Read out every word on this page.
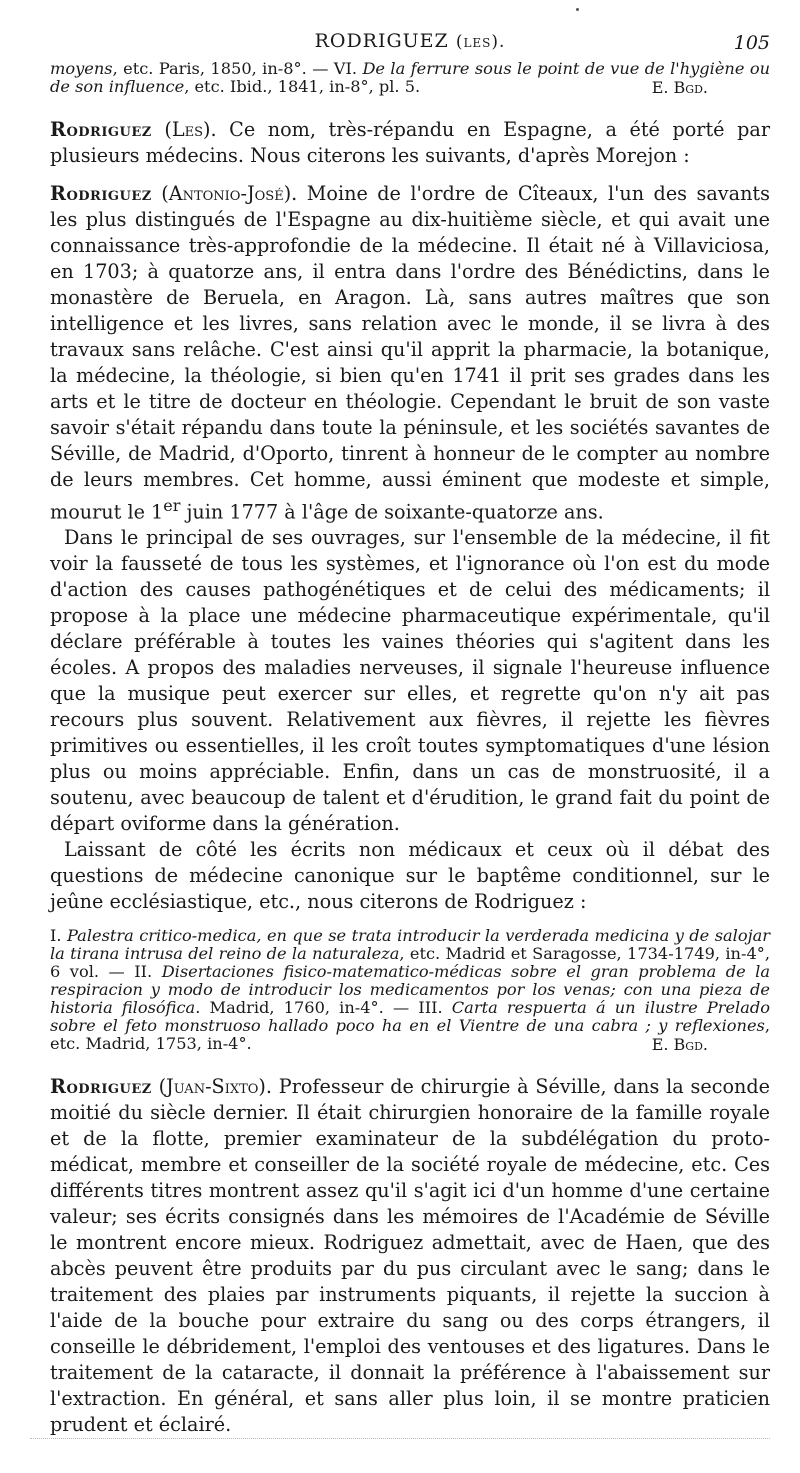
RODRIGUEZ (les).	105
moyens, etc. Paris, 1850, in-8°. — VI. De la ferrure sous le point de vue de l'hygiène ou de son influence, etc. Ibid., 1841, in-8°, pl. 5.	E. Bgd.

Rodriguez (Les). Ce nom, très-répandu en Espagne, a été porté par plusieurs médecins. Nous citerons les suivants, d'après Morejon :

Rodriguez (Antonio-José). Moine de l'ordre de Cîteaux, l'un des savants les plus distingués de l'Espagne au dix-huitième siècle, et qui avait une connaissance très-approfondie de la médecine. Il était né à Villaviciosa, en 1703; à quatorze ans, il entra dans l'ordre des Bénédictins, dans le monastère de Beruela, en Aragon. Là, sans autres maîtres que son intelligence et les livres, sans relation avec le monde, il se livra à des travaux sans relâche. C'est ainsi qu'il apprit la pharmacie, la botanique, la médecine, la théologie, si bien qu'en 1741 il prit ses grades dans les arts et le titre de docteur en théologie. Cependant le bruit de son vaste savoir s'était répandu dans toute la péninsule, et les sociétés savantes de Séville, de Madrid, d'Oporto, tinrent à honneur de le compter au nombre de leurs membres. Cet homme, aussi éminent que modeste et simple, mourut le 1er juin 1777 à l'âge de soixante-quatorze ans.

Dans le principal de ses ouvrages, sur l'ensemble de la médecine, il fit voir la fausseté de tous les systèmes, et l'ignorance où l'on est du mode d'action des causes pathogénétiques et de celui des médicaments; il propose à la place une médecine pharmaceutique expérimentale, qu'il déclare préférable à toutes les vaines théories qui s'agitent dans les écoles. A propos des maladies nerveuses, il signale l'heureuse influence que la musique peut exercer sur elles, et regrette qu'on n'y ait pas recours plus souvent. Relativement aux fièvres, il rejette les fièvres primitives ou essentielles, il les croît toutes symptomatiques d'une lésion plus ou moins appréciable. Enfin, dans un cas de monstruosité, il a soutenu, avec beaucoup de talent et d'érudition, le grand fait du point de départ oviforme dans la génération.

Laissant de côté les écrits non médicaux et ceux où il débat des questions de médecine canonique sur le baptême conditionnel, sur le jeûne ecclésiastique, etc., nous citerons de Rodriguez :

I. Palestra critico-medica, en que se trata introducir la verderada medicina y de salojar la tirana intrusa del reino de la naturaleza, etc. Madrid et Saragosse, 1734-1749, in-4°, 6 vol. — II. Disertaciones fisico-matematico-médicas sobre el gran problema de la respiracion y modo de introducir los medicamentos por los venas; con una pieza de historia filosófica. Madrid, 1760, in-4°. — III. Carta respuerta á un ilustre Prelado sobre el feto monstruoso hallado poco ha en el Vientre de una cabra ; y reflexiones, etc. Madrid, 1753, in-4°.	E. Bgd.

Rodriguez (Juan-Sixto). Professeur de chirurgie à Séville, dans la seconde moitié du siècle dernier. Il était chirurgien honoraire de la famille royale et de la flotte, premier examinateur de la subdélégation du proto-médicat, membre et conseiller de la société royale de médecine, etc. Ces différents titres montrent assez qu'il s'agit ici d'un homme d'une certaine valeur; ses écrits consignés dans les mémoires de l'Académie de Séville le montrent encore mieux. Rodriguez admettait, avec de Haen, que des abcès peuvent être produits par du pus circulant avec le sang; dans le traitement des plaies par instruments piquants, il rejette la succion à l'aide de la bouche pour extraire du sang ou des corps étrangers, il conseille le débridement, l'emploi des ventouses et des ligatures. Dans le traitement de la cataracte, il donnait la préférence à l'abaissement sur l'extraction. En général, et sans aller plus loin, il se montre praticien prudent et éclairé.
